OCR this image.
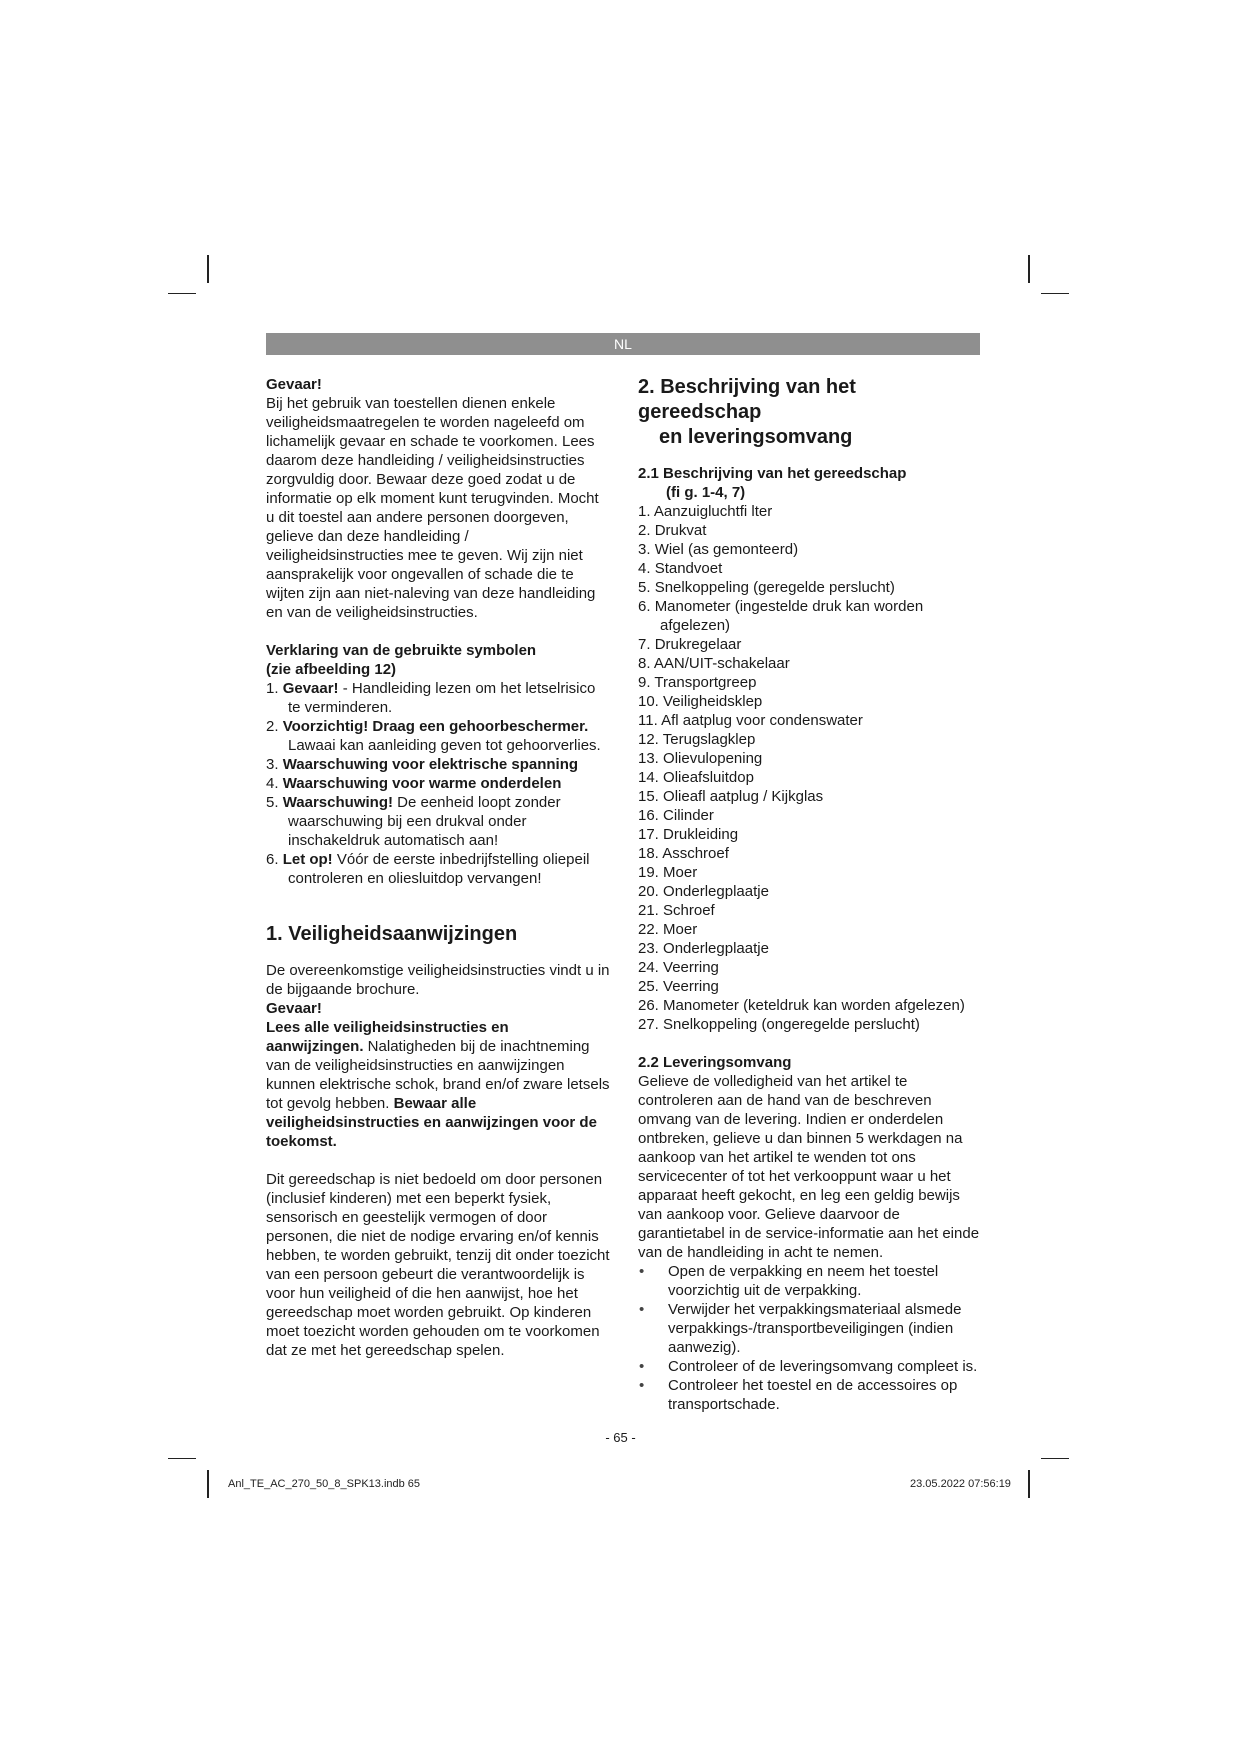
NL

Gevaar!

Bij het gebruik van toestellen dienen enkele veiligheidsmaatregelen te worden nageleefd om lichamelijk gevaar en schade te voorkomen. Lees daarom deze handleiding / veiligheidsinstructies zorgvuldig door. Bewaar deze goed zodat u de informatie op elk moment kunt terugvinden. Mocht u dit toestel aan andere personen doorgeven, gelieve dan deze handleiding / veiligheidsinstructies mee te geven. Wij zijn niet aansprakelijk voor ongevallen of schade die te wijten zijn aan niet-naleving van deze handleiding en van de veiligheidsinstructies.

Verklaring van de gebruikte symbolen

(zie afbeelding 12)

1. Gevaar! - Handleiding lezen om het letselrisico te verminderen.

2. Voorzichtig! Draag een gehoorbeschermer. Lawaai kan aanleiding geven tot gehoorverlies.

3. Waarschuwing voor elektrische spanning

4. Waarschuwing voor warme onderdelen

5. Waarschuwing! De eenheid loopt zonder waarschuwing bij een drukval onder inschakeldruk automatisch aan!

6. Let op! Vóór de eerste inbedrijfstelling oliepeil controleren en oliesluitdop vervangen!

1. Veiligheidsaanwijzingen

De overeenkomstige veiligheidsinstructies vindt u in de bijgaande brochure.

Gevaar!

Lees alle veiligheidsinstructies en aanwijzingen. Nalatigheden bij de inachtneming van de veiligheidsinstructies en aanwijzingen kunnen elektrische schok, brand en/of zware letsels tot gevolg hebben. Bewaar alle veiligheidsinstructies en aanwijzingen voor de toekomst.

Dit gereedschap is niet bedoeld om door personen (inclusief kinderen) met een beperkt fysiek, sensorisch en geestelijk vermogen of door personen, die niet de nodige ervaring en/of kennis hebben, te worden gebruikt, tenzij dit onder toezicht van een persoon gebeurt die verantwoordelijk is voor hun veiligheid of die hen aanwijst, hoe het gereedschap moet worden gebruikt. Op kinderen moet toezicht worden gehouden om te voorkomen dat ze met het gereedschap spelen.

2. Beschrijving van het gereedschap

en leveringsomvang

2.1 Beschrijving van het gereedschap

(fi g. 1-4, 7)

1. Aanzuigluchtfi lter

2. Drukvat

3. Wiel (as gemonteerd)

4. Standvoet

5. Snelkoppeling (geregelde perslucht)

6. Manometer (ingestelde druk kan worden afgelezen)

7. Drukregelaar

8. AAN/UIT-schakelaar

9. Transportgreep

10. Veiligheidsklep

11. Afl aatplug voor condenswater

12. Terugslagklep

13. Olievulopening

14. Olieafsluitdop

15. Olieafl aatplug / Kijkglas

16. Cilinder

17. Drukleiding

18. Asschroef

19. Moer

20. Onderlegplaatje

21. Schroef

22. Moer

23. Onderlegplaatje

24. Veerring

25. Veerring

26. Manometer (keteldruk kan worden afgelezen)

27. Snelkoppeling (ongeregelde perslucht)

2.2 Leveringsomvang

Gelieve de volledigheid van het artikel te controleren aan de hand van de beschreven omvang van de levering. Indien er onderdelen ontbreken, gelieve u dan binnen 5 werkdagen na aankoop van het artikel te wenden tot ons servicecenter of tot het verkooppunt waar u het apparaat heeft gekocht, en leg een geldig bewijs van aankoop voor. Gelieve daarvoor de garantietabel in de service-informatie aan het einde van de handleiding in acht te nemen.

• Open de verpakking en neem het toestel voorzichtig uit de verpakking.
• Verwijder het verpakkingsmateriaal alsmede verpakkings-/transportbeveiligingen (indien aanwezig).
• Controleer of de leveringsomvang compleet is.
• Controleer het toestel en de accessoires op transportschade.
- 65 -
Anl_TE_AC_270_50_8_SPK13.indb 65	23.05.2022 07:56:19
